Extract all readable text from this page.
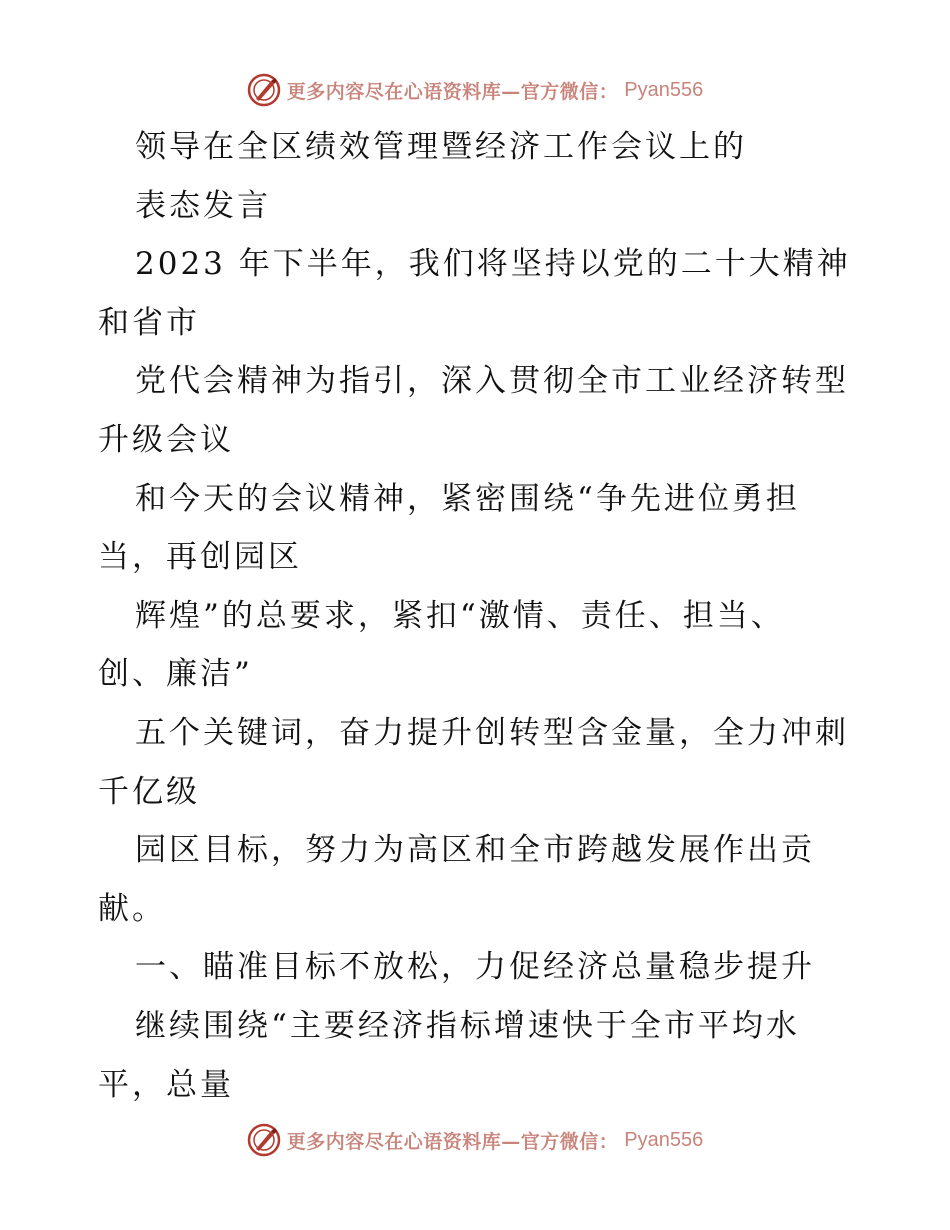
更多内容尽在心语资料库—官方微信： Pyan556
领导在全区绩效管理暨经济工作会议上的
表态发言
2023 年下半年，我们将坚持以党的二十大精神
和省市
党代会精神为指引，深入贯彻全市工业经济转型
升级会议
和今天的会议精神，紧密围绕“争先进位勇担
当，再创园区
辉煌”的总要求，紧扣“激情、责任、担当、
创、廉洁”
五个关键词，奋力提升创转型含金量，全力冲刺
千亿级
园区目标，努力为高区和全市跨越发展作出贡
献。
一、瞄准目标不放松，力促经济总量稳步提升
继续围绕“主要经济指标增速快于全市平均水
平，总量
更多内容尽在心语资料库—官方微信： Pyan556
